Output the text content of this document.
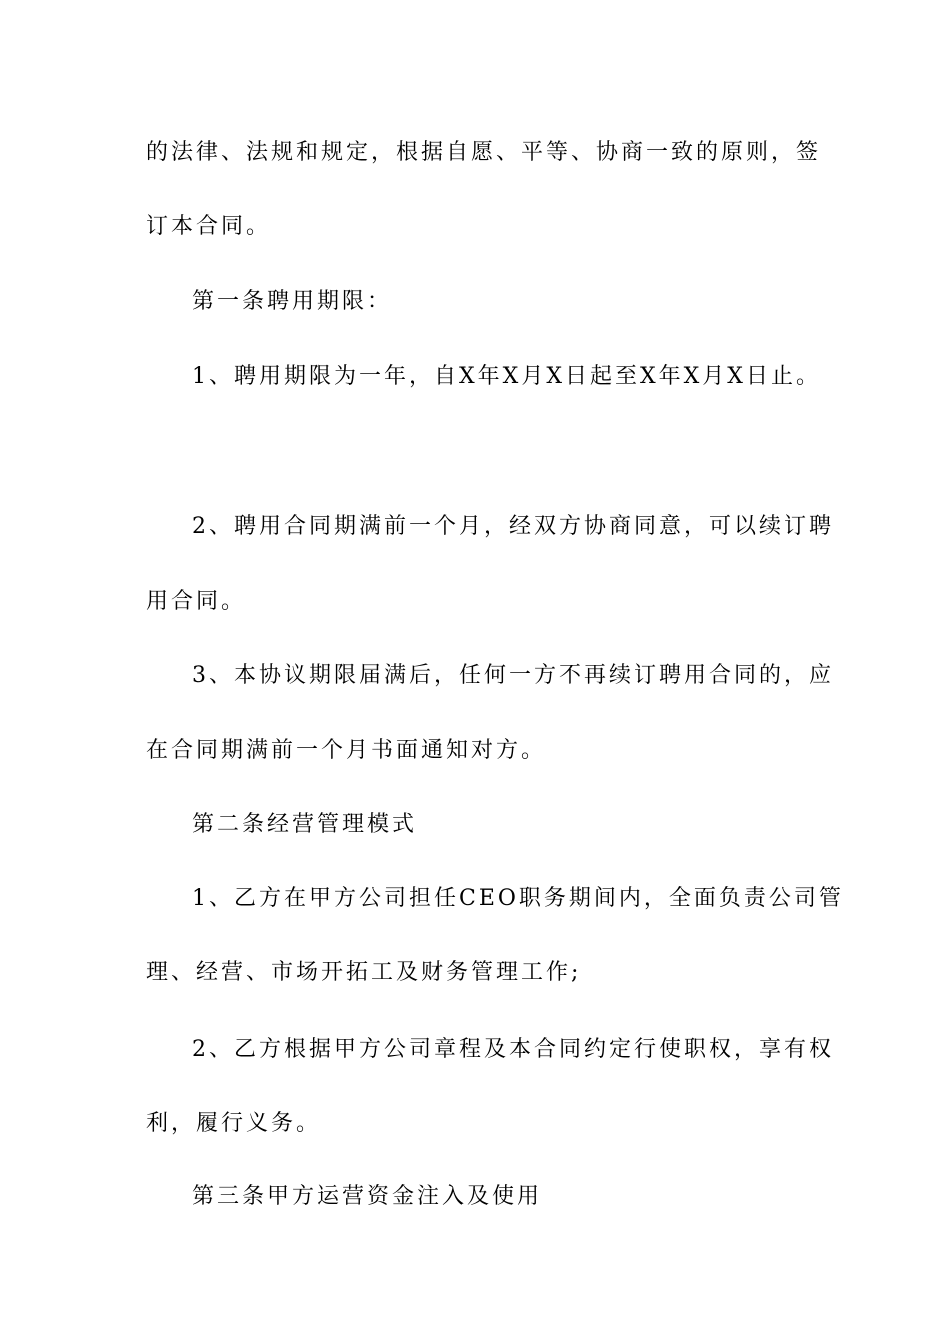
的法律、法规和规定，根据自愿、平等、协商一致的原则，签
订本合同。
第一条聘用期限：
1、聘用期限为一年，自X年X月X日起至X年X月X日止。
2、聘用合同期满前一个月，经双方协商同意，可以续订聘
用合同。
3、本协议期限届满后，任何一方不再续订聘用合同的，应
在合同期满前一个月书面通知对方。
第二条经营管理模式
1、乙方在甲方公司担任CEO职务期间内，全面负责公司管
理、经营、市场开拓工及财务管理工作;
2、乙方根据甲方公司章程及本合同约定行使职权，享有权
利，履行义务。
第三条甲方运营资金注入及使用
